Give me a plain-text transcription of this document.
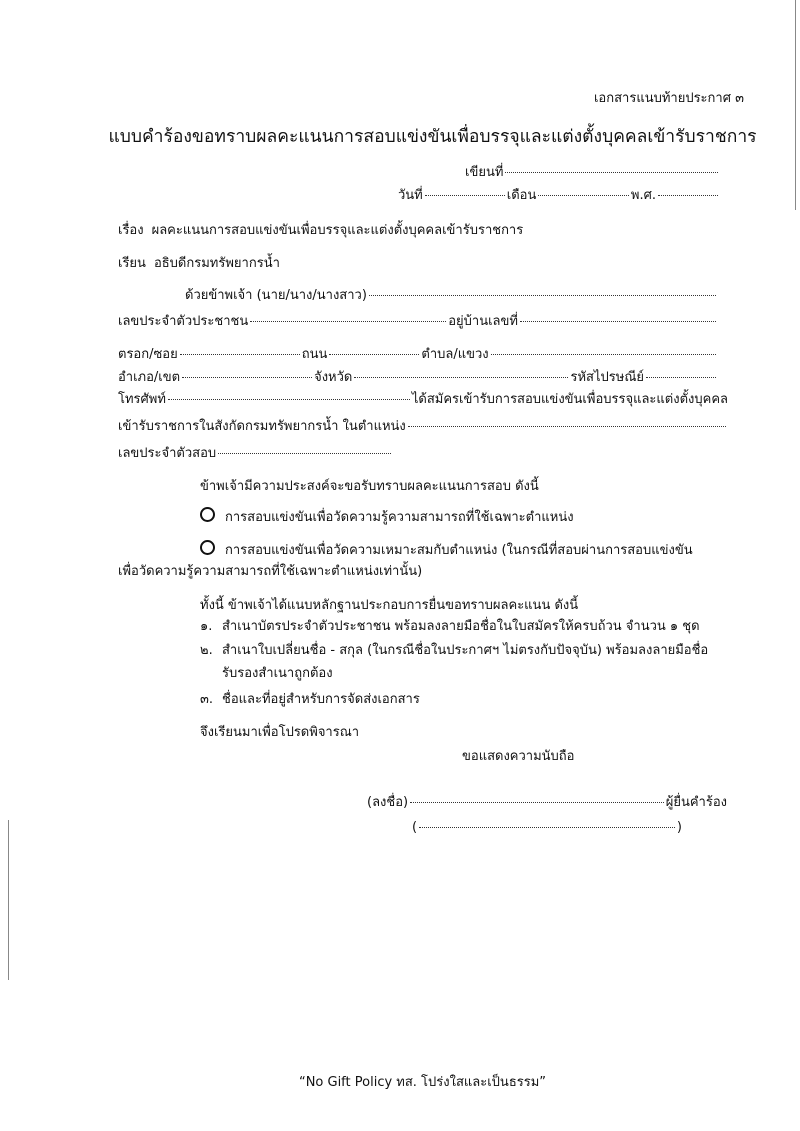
เอกสารแนบท้ายประกาศ ๓
แบบคำร้องขอทราบผลคะแนนการสอบแข่งขันเพื่อบรรจุและแต่งตั้งบุคคลเข้ารับราชการ
เขียนที่
วันที่	เดือน	พ.ศ.
เรื่อง ผลคะแนนการสอบแข่งขันเพื่อบรรจุและแต่งตั้งบุคคลเข้ารับราชการ
เรียน อธิบดีกรมทรัพยากรน้ำ
ด้วยข้าพเจ้า (นาย/นาง/นางสาว)
เลขประจำตัวประชาชน	อยู่บ้านเลขที่
ตรอก/ซอย	ถนน	ตำบล/แขวง
อำเภอ/เขต	จังหวัด	รหัสไปรษณีย์
โทรศัพท์	ได้สมัครเข้ารับการสอบแข่งขันเพื่อบรรจุและแต่งตั้งบุคคล
เข้ารับราชการในสังกัดกรมทรัพยากรน้ำ ในตำแหน่ง
เลขประจำตัวสอบ
ข้าพเจ้ามีความประสงค์จะขอรับทราบผลคะแนนการสอบ ดังนี้
การสอบแข่งขันเพื่อวัดความรู้ความสามารถที่ใช้เฉพาะตำแหน่ง
การสอบแข่งขันเพื่อวัดความเหมาะสมกับตำแหน่ง (ในกรณีที่สอบผ่านการสอบแข่งขัน
เพื่อวัดความรู้ความสามารถที่ใช้เฉพาะตำแหน่งเท่านั้น)
ทั้งนี้ ข้าพเจ้าได้แนบหลักฐานประกอบการยื่นขอทราบผลคะแนน ดังนี้
๑. สำเนาบัตรประจำตัวประชาชน พร้อมลงลายมือชื่อในใบสมัครให้ครบถ้วน จำนวน ๑ ชุด
๒. สำเนาใบเปลี่ยนชื่อ - สกุล (ในกรณีชื่อในประกาศฯ ไม่ตรงกับปัจจุบัน) พร้อมลงลายมือชื่อ
รับรองสำเนาถูกต้อง
๓. ชื่อและที่อยู่สำหรับการจัดส่งเอกสาร
จึงเรียนมาเพื่อโปรดพิจารณา
ขอแสดงความนับถือ
(ลงชื่อ)	ผู้ยื่นคำร้อง
(	)
“No Gift Policy ทส. โปร่งใสและเป็นธรรม”
